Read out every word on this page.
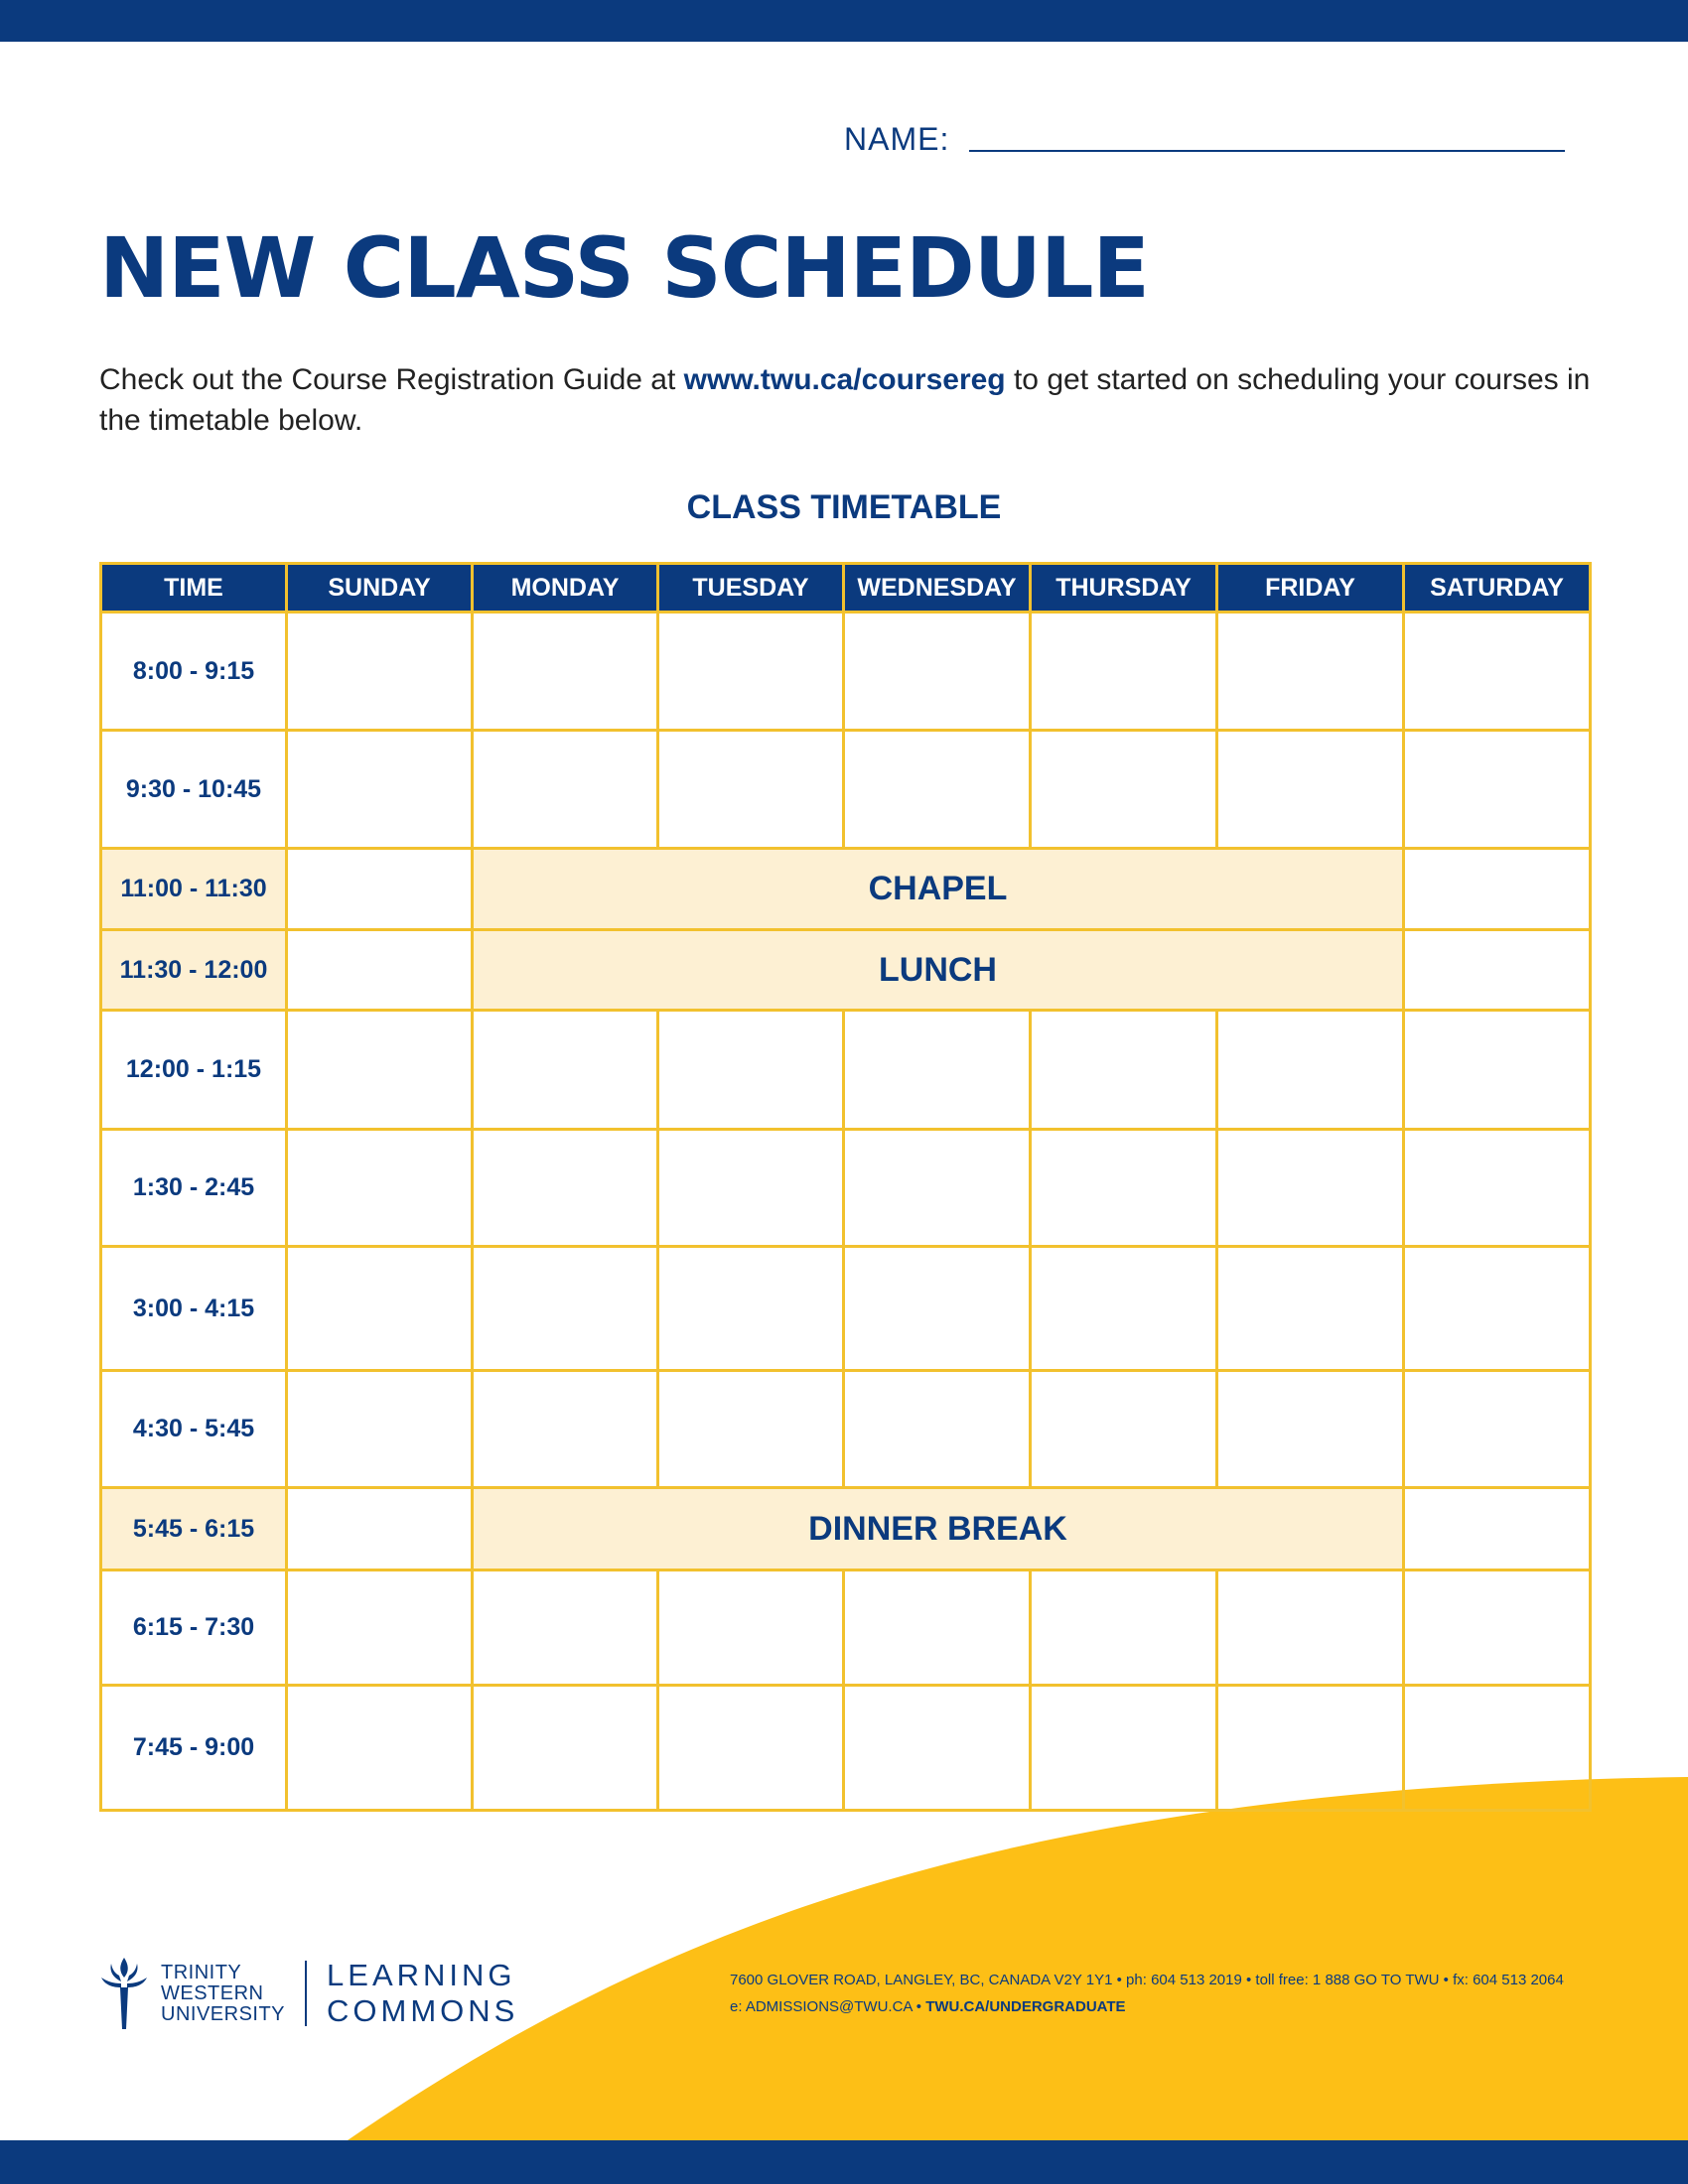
NAME:
NEW CLASS SCHEDULE

Check out the Course Registration Guide at www.twu.ca/coursereg to get started on scheduling your courses in the timetable below.

CLASS TIMETABLE
TIME	SUNDAY	MONDAY	TUESDAY	WEDNESDAY	THURSDAY	FRIDAY	SATURDAY
8:00 - 9:15							
9:30 - 10:45							
11:00 - 11:30		CHAPEL					
11:30 - 12:00		LUNCH					
12:00 - 1:15							
1:30 - 2:45							
3:00 - 4:15							
4:30 - 5:45							
5:45 - 6:15		DINNER BREAK					
6:15 - 7:30							
7:45 - 9:00							
TRINITY
WESTERN
UNIVERSITY
LEARNING
COMMONS
7600 GLOVER ROAD, LANGLEY, BC, CANADA V2Y 1Y1 • ph: 604 513 2019 • toll free: 1 888 GO TO TWU • fx: 604 513 2064
e: ADMISSIONS@TWU.CA • TWU.CA/UNDERGRADUATE
